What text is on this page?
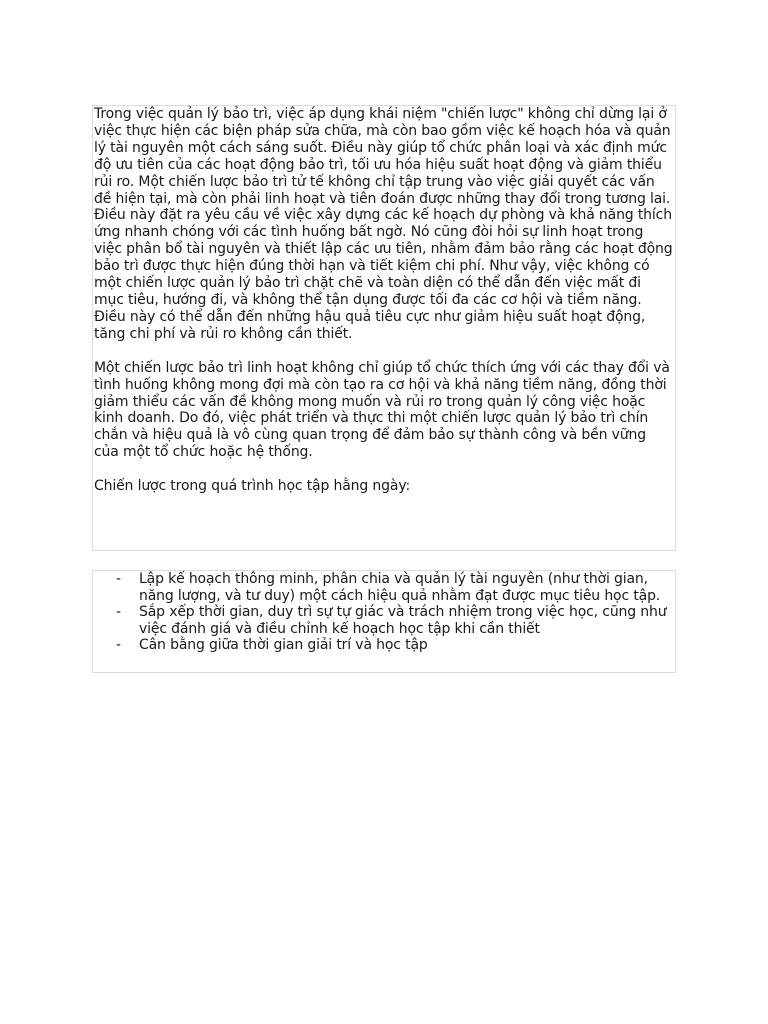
Trong việc quản lý bảo trì, việc áp dụng khái niệm "chiến lược" không chỉ dừng lại ở việc thực hiện các biện pháp sửa chữa, mà còn bao gồm việc kế hoạch hóa và quản lý tài nguyên một cách sáng suốt. Điều này giúp tổ chức phân loại và xác định mức độ ưu tiên của các hoạt động bảo trì, tối ưu hóa hiệu suất hoạt động và giảm thiểu rủi ro. Một chiến lược bảo trì tử tế không chỉ tập trung vào việc giải quyết các vấn đề hiện tại, mà còn phải linh hoạt và tiên đoán được những thay đổi trong tương lai. Điều này đặt ra yêu cầu về việc xây dựng các kế hoạch dự phòng và khả năng thích ứng nhanh chóng với các tình huống bất ngờ. Nó cũng đòi hỏi sự linh hoạt trong việc phân bổ tài nguyên và thiết lập các ưu tiên, nhằm đảm bảo rằng các hoạt động bảo trì được thực hiện đúng thời hạn và tiết kiệm chi phí. Như vậy, việc không có một chiến lược quản lý bảo trì chặt chẽ và toàn diện có thể dẫn đến việc mất đi mục tiêu, hướng đi, và không thể tận dụng được tối đa các cơ hội và tiềm năng. Điều này có thể dẫn đến những hậu quả tiêu cực như giảm hiệu suất hoạt động, tăng chi phí và rủi ro không cần thiết.

Một chiến lược bảo trì linh hoạt không chỉ giúp tổ chức thích ứng với các thay đổi và tình huống không mong đợi mà còn tạo ra cơ hội và khả năng tiềm năng, đồng thời giảm thiểu các vấn đề không mong muốn và rủi ro trong quản lý công việc hoặc kinh doanh. Do đó, việc phát triển và thực thi một chiến lược quản lý bảo trì chín chắn và hiệu quả là vô cùng quan trọng để đảm bảo sự thành công và bền vững của một tổ chức hoặc hệ thống.

Chiến lược trong quá trình học tập hằng ngày:

- Lập kế hoạch thông minh, phân chia và quản lý tài nguyên (như thời gian, năng lượng, và tư duy) một cách hiệu quả nhằm đạt được mục tiêu học tập.
- Sắp xếp thời gian, duy trì sự tự giác và trách nhiệm trong việc học, cũng như việc đánh giá và điều chỉnh kế hoạch học tập khi cần thiết
- Cân bằng giữa thời gian giải trí và học tập
